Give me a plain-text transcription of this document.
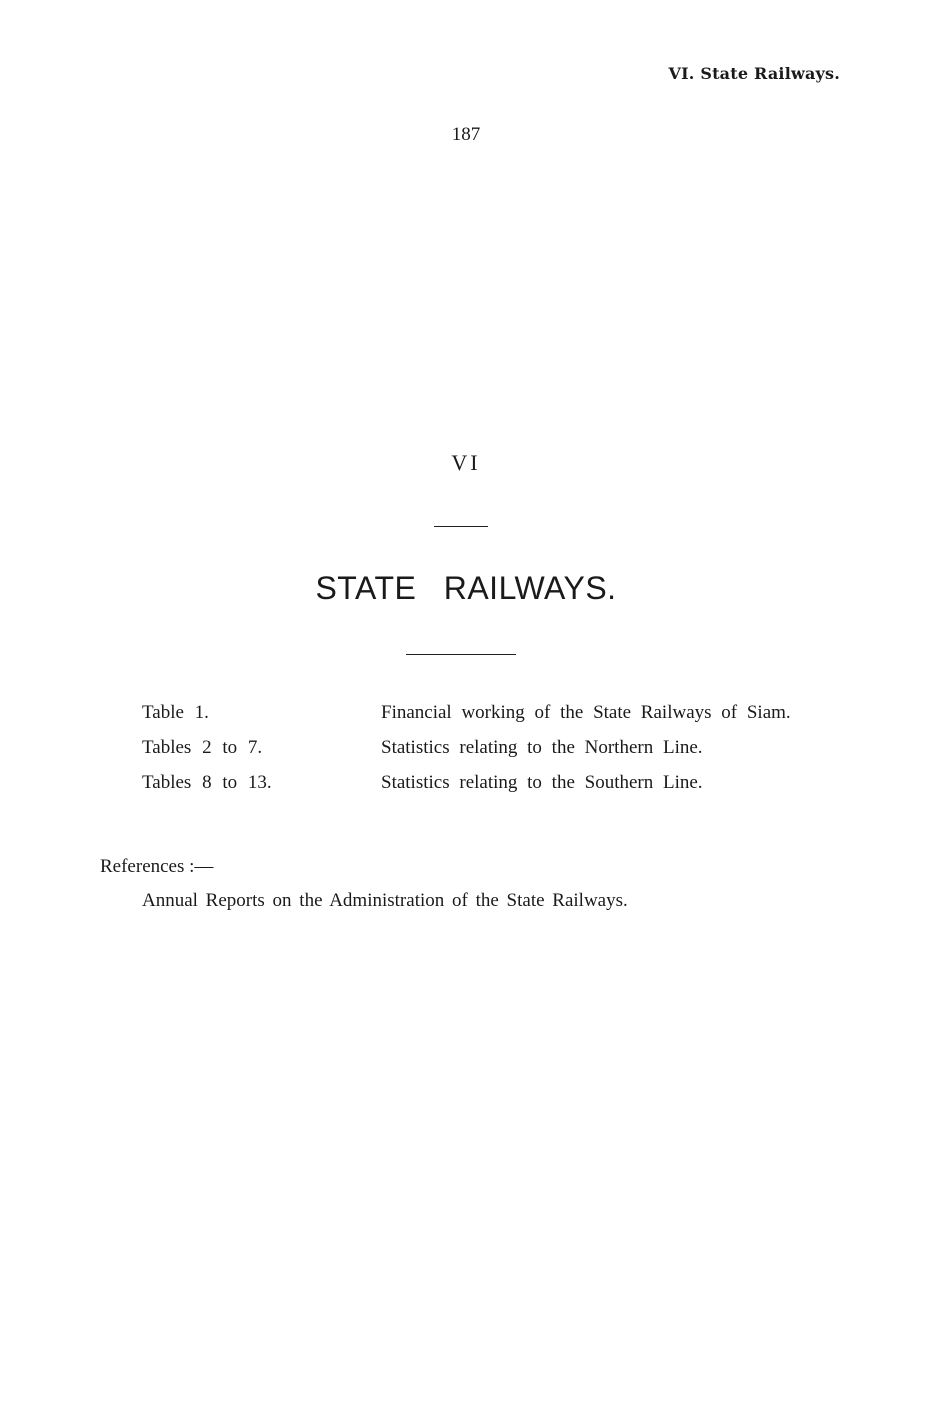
VI. State Railways.
187
VI
STATE RAILWAYS.
Table 1.	Financial working of the State Railways of Siam.
Tables 2 to 7.	Statistics relating to the Northern Line.
Tables 8 to 13.	Statistics relating to the Southern Line.
References :—
Annual Reports on the Administration of the State Railways.
